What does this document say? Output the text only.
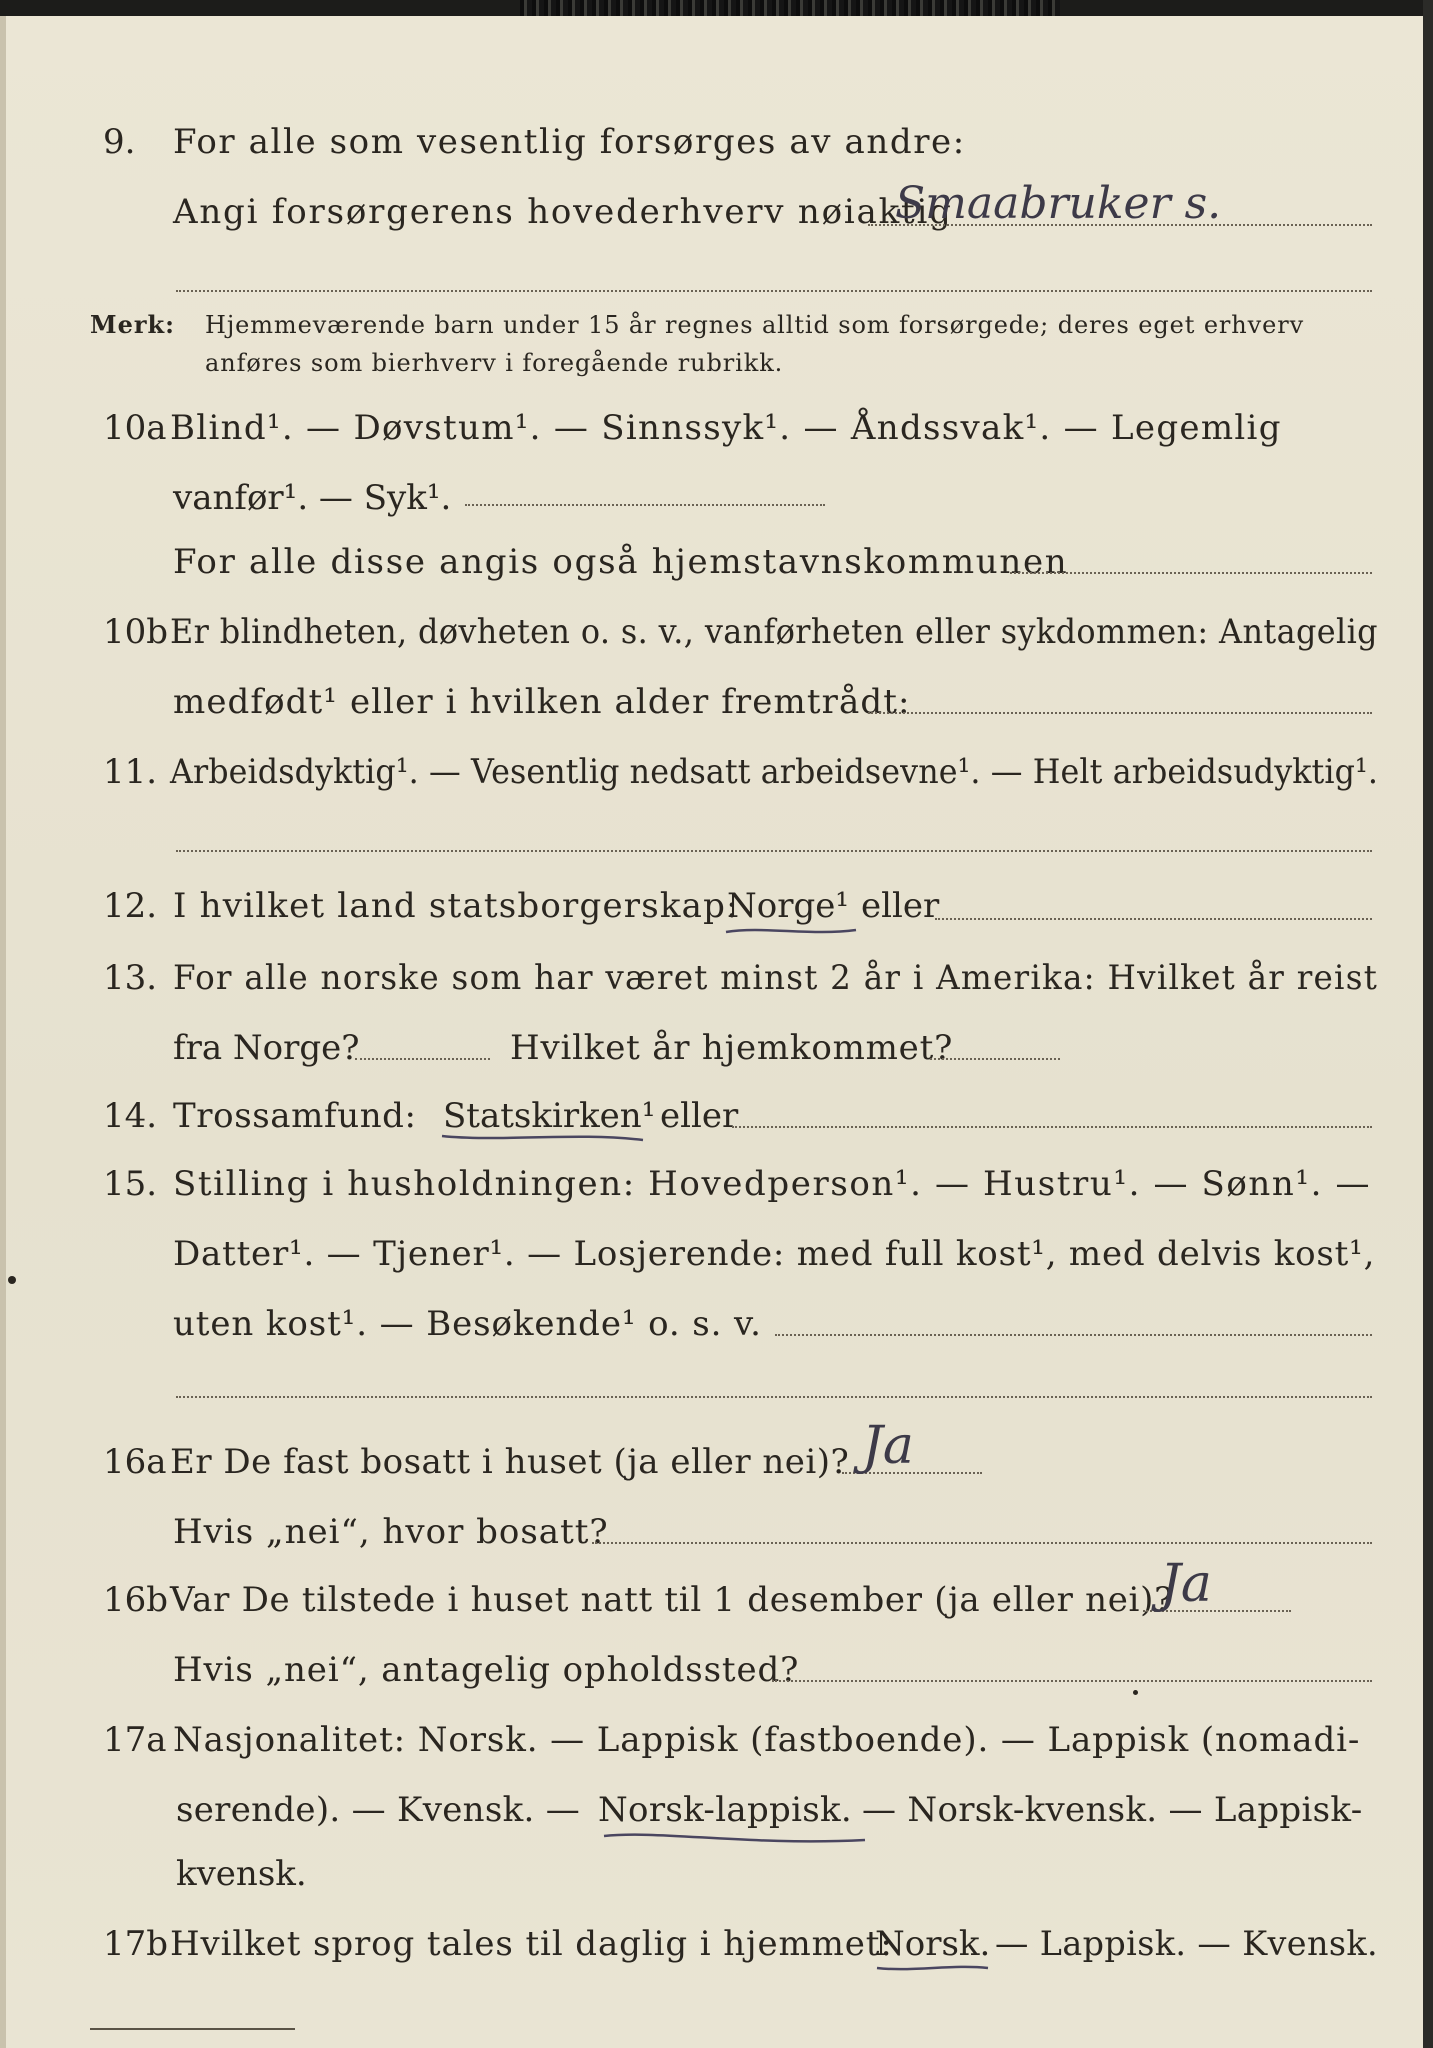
9.	For alle som vesentlig forsørges av andre:
Angi forsørgerens hovederhverv nøiaktig
Smaabruker s.
Merk: Hjemmeværende barn under 15 år regnes alltid som forsørgede; deres eget erhverv
anføres som bierhverv i foregående rubrikk.
10a Blind¹. — Døvstum¹. — Sinnssyk¹. — Åndssvak¹. — Legemlig
vanfør¹. — Syk¹.
For alle disse angis også hjemstavnskommunen
10b Er blindheten, døvheten o. s. v., vanførheten eller sykdommen: Antagelig
medfødt¹ eller i hvilken alder fremtrådt:
11. Arbeidsdyktig¹. — Vesentlig nedsatt arbeidsevne¹. — Helt arbeidsudyktig¹.
12. I hvilket land statsborgerskap:
Norge¹ eller
13. For alle norske som har været minst 2 år i Amerika: Hvilket år reist
fra Norge?	Hvilket år hjemkommet?
14. Trossamfund: Statskirken¹ eller
15. Stilling i husholdningen: Hovedperson¹. — Hustru¹. — Sønn¹. —
Datter¹. — Tjener¹. — Losjerende: med full kost¹, med delvis kost¹,
uten kost¹. — Besøkende¹ o. s. v.
16a Er De fast bosatt i huset (ja eller nei)? Ja
Hvis „nei“, hvor bosatt?
16b Var De tilstede i huset natt til 1 desember (ja eller nei)?
Ja
Hvis „nei“, antagelig opholdssted?
17a Nasjonalitet: Norsk. — Lappisk (fastboende). — Lappisk (nomadi-
serende). — Kvensk. — Norsk-lappisk. — Norsk-kvensk. — Lappisk-
kvensk.
17b Hvilket sprog tales til daglig i hjemmet:
Norsk. — Lappisk. — Kvensk.
